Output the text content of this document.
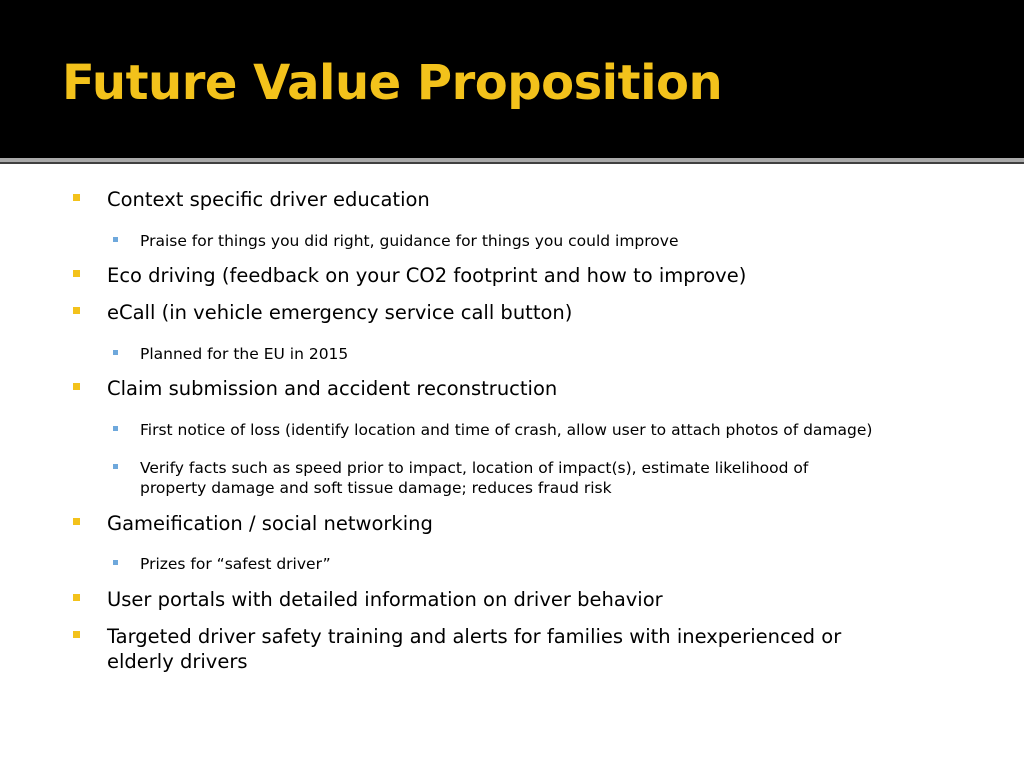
Future Value Proposition
Context specific driver education
Praise for things you did right, guidance for things you could improve
Eco driving (feedback on your CO2 footprint and how to improve)
eCall (in vehicle emergency service call button)
Planned for the EU in 2015
Claim submission and accident reconstruction
First notice of loss (identify location and time of crash, allow user to attach photos of damage)
Verify facts such as speed prior to impact, location of impact(s), estimate likelihood of
property damage and soft tissue damage; reduces fraud risk
Gameification / social networking
Prizes for “safest driver”
User portals with detailed information on driver behavior
Targeted driver safety training and alerts for families with inexperienced or
elderly drivers
